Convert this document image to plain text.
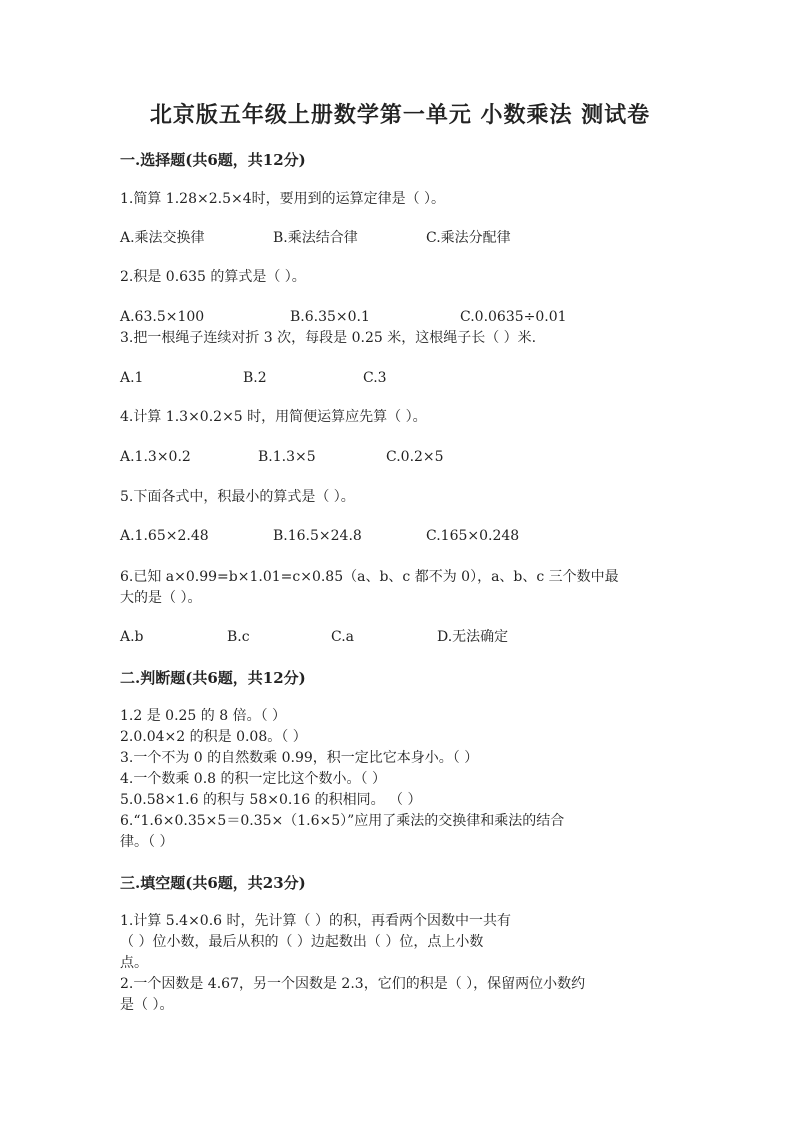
北京版五年级上册数学第一单元 小数乘法 测试卷
一.选择题(共6题，共12分)
1.简算 1.28×2.5×4时，要用到的运算定律是（ ）。
A.乘法交换律	B.乘法结合律	C.乘法分配律
2.积是 0.635 的算式是（ ）。
A.63.5×100	B.6.35×0.1	C.0.0635÷0.01
3.把一根绳子连续对折 3 次，每段是 0.25 米，这根绳子长（ ）米.
A.1	B.2	C.3
4.计算 1.3×0.2×5 时，用简便运算应先算（ ）。
A.1.3×0.2	B.1.3×5	C.0.2×5
5.下面各式中，积最小的算式是（ ）。
A.1.65×2.48	B.16.5×24.8	C.165×0.248
6.已知 a×0.99=b×1.01=c×0.85（a、b、c 都不为 0），a、b、c 三个数中最
大的是（ ）。
A.b	B.c	C.a	D.无法确定
二.判断题(共6题，共12分)
1.2 是 0.25 的 8 倍。（ ）
2.0.04×2 的积是 0.08。（ ）
3.一个不为 0 的自然数乘 0.99，积一定比它本身小。（ ）
4.一个数乘 0.8 的积一定比这个数小。（ ）
5.0.58×1.6 的积与 58×0.16 的积相同。 （ ）
6.“1.6×0.35×5＝0.35×（1.6×5）”应用了乘法的交换律和乘法的结合
律。（ ）
三.填空题(共6题，共23分)
1.计算 5.4×0.6 时，先计算（ ）的积，再看两个因数中一共有
（ ）位小数，最后从积的（ ）边起数出（ ）位，点上小数
点。
2.一个因数是 4.67，另一个因数是 2.3，它们的积是（ ），保留两位小数约
是（ ）。
